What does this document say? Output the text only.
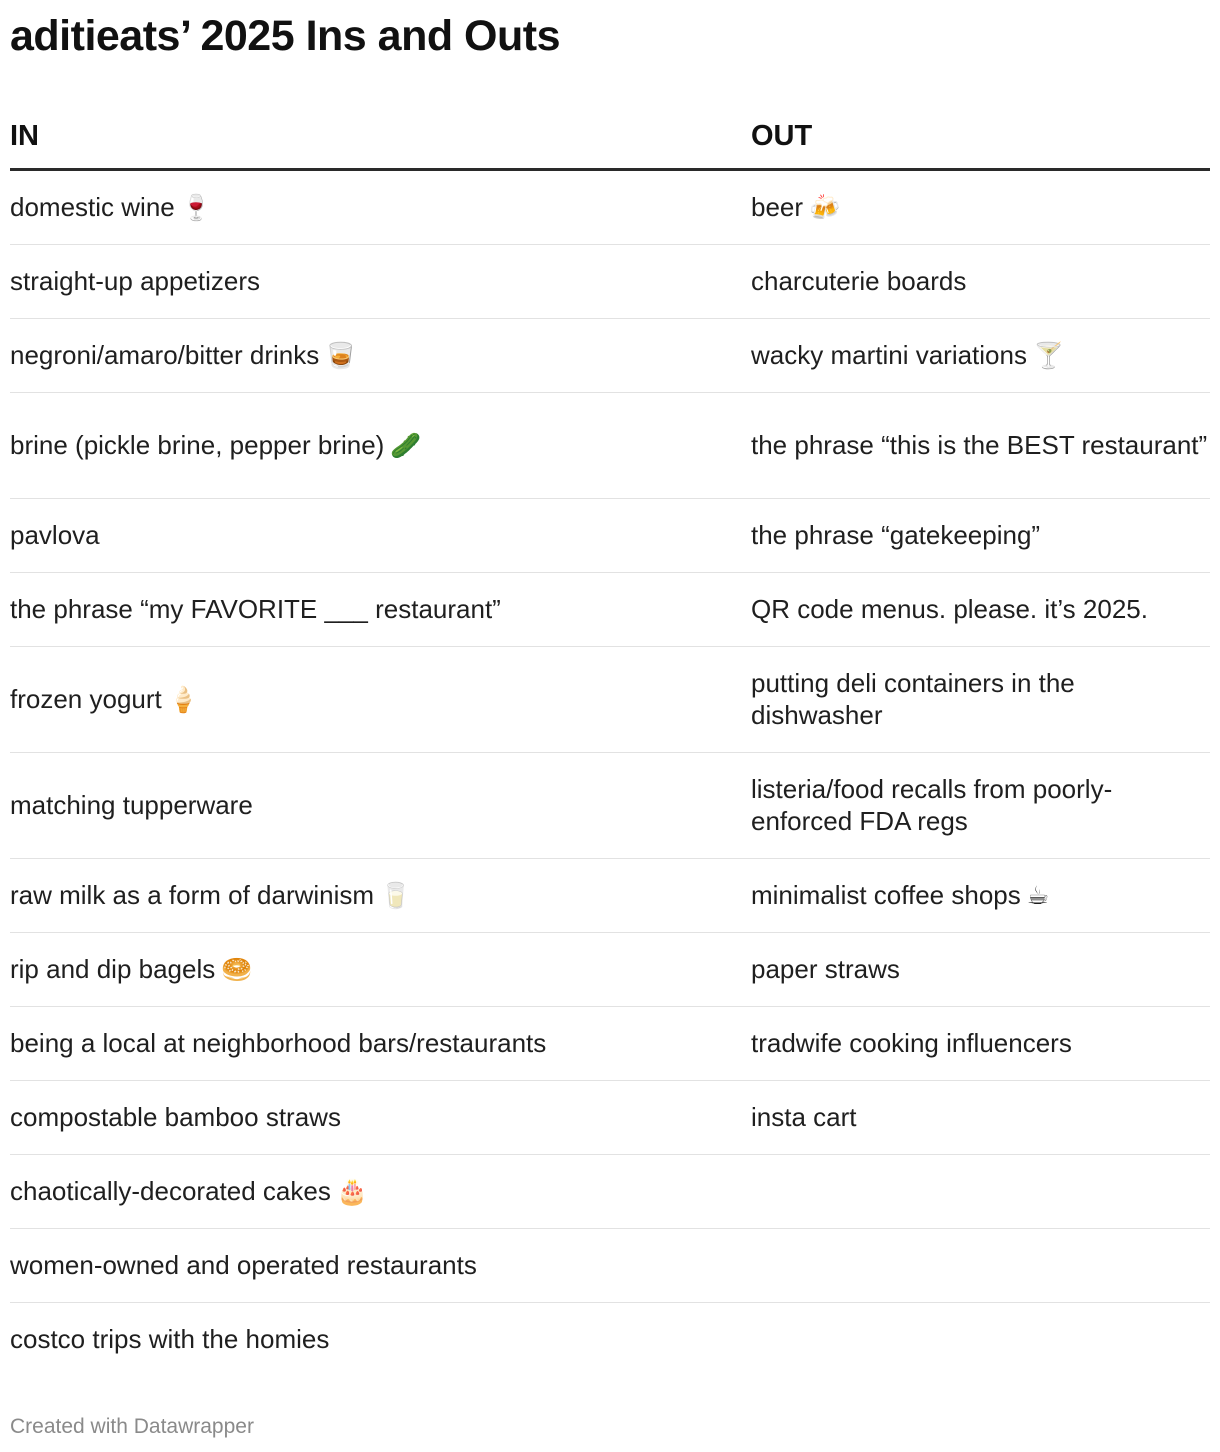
aditieats’ 2025 Ins and Outs
IN	OUT
domestic wine 🍷	beer 🍻
straight-up appetizers	charcuterie boards
negroni/amaro/bitter drinks 🥃	wacky martini variations 🍸
brine (pickle brine, pepper brine) 🥒	the phrase “this is the BEST restaurant”
pavlova	the phrase “gatekeeping”
the phrase “my FAVORITE ___ restaurant”	QR code menus. please. it’s 2025.
frozen yogurt 🍦	putting deli containers in the dishwasher
matching tupperware	listeria/food recalls from poorly-enforced FDA regs
raw milk as a form of darwinism 🥛	minimalist coffee shops ☕
rip and dip bagels 🥯	paper straws
being a local at neighborhood bars/restaurants	tradwife cooking influencers
compostable bamboo straws	insta cart
chaotically-decorated cakes 🎂	
women-owned and operated restaurants	
costco trips with the homies	
Created with Datawrapper
